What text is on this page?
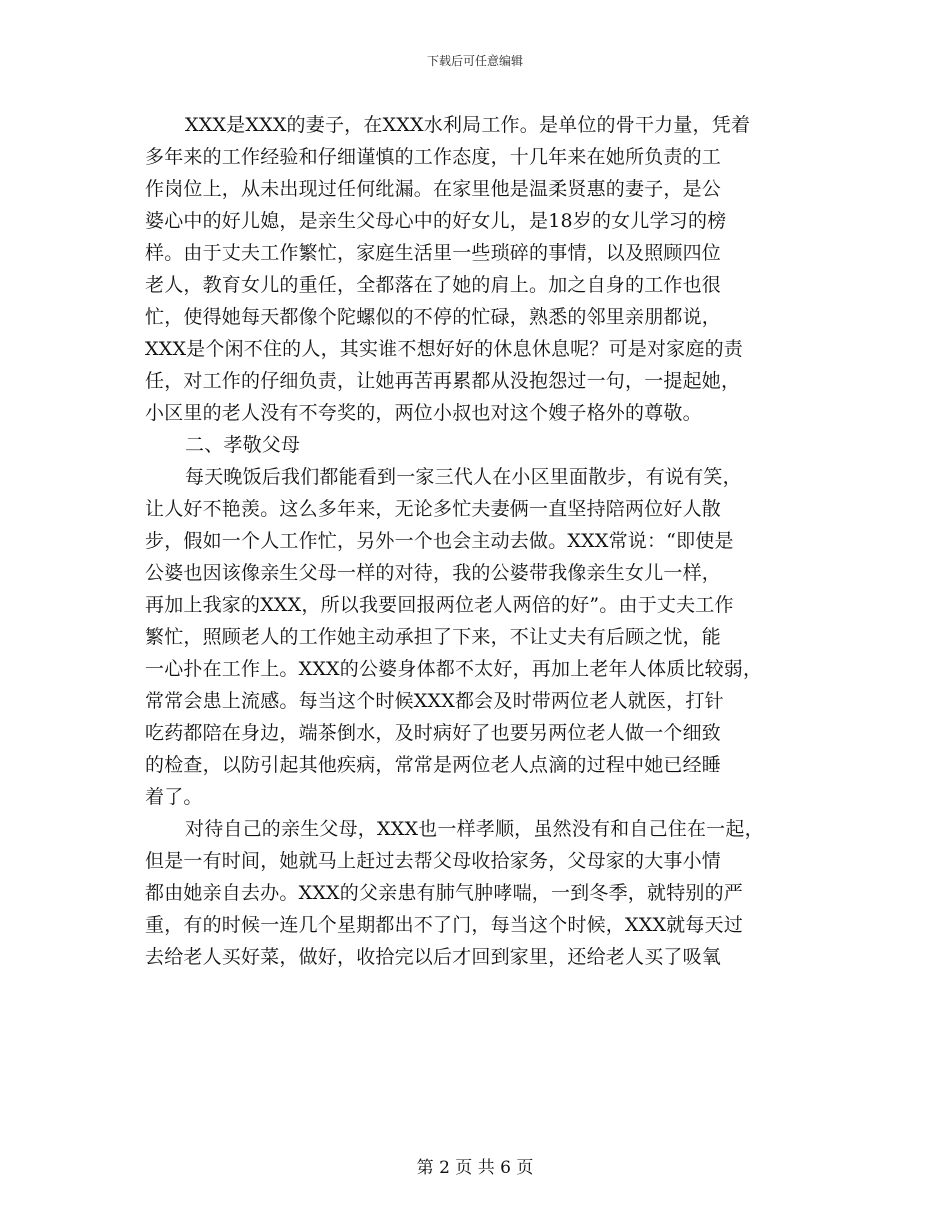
下载后可任意编辑
XXX是XXX的妻子，在XXX水利局工作。是单位的骨干力量，凭着
多年来的工作经验和仔细谨慎的工作态度，十几年来在她所负责的工
作岗位上，从未出现过任何纰漏。在家里他是温柔贤惠的妻子，是公
婆心中的好儿媳，是亲生父母心中的好女儿，是18岁的女儿学习的榜
样。由于丈夫工作繁忙，家庭生活里一些琐碎的事情，以及照顾四位
老人，教育女儿的重任，全都落在了她的肩上。加之自身的工作也很
忙，使得她每天都像个陀螺似的不停的忙碌，熟悉的邻里亲朋都说，
XXX是个闲不住的人，其实谁不想好好的休息休息呢？可是对家庭的责
任，对工作的仔细负责，让她再苦再累都从没抱怨过一句，一提起她，
小区里的老人没有不夸奖的，两位小叔也对这个嫂子格外的尊敬。
二、孝敬父母
每天晚饭后我们都能看到一家三代人在小区里面散步，有说有笑，
让人好不艳羡。这么多年来，无论多忙夫妻俩一直坚持陪两位好人散
步，假如一个人工作忙，另外一个也会主动去做。XXX常说：“即使是
公婆也因该像亲生父母一样的对待，我的公婆带我像亲生女儿一样，
再加上我家的XXX，所以我要回报两位老人两倍的好”。由于丈夫工作
繁忙，照顾老人的工作她主动承担了下来，不让丈夫有后顾之忧，能
一心扑在工作上。XXX的公婆身体都不太好，再加上老年人体质比较弱，
常常会患上流感。每当这个时候XXX都会及时带两位老人就医，打针
吃药都陪在身边，端茶倒水，及时病好了也要另两位老人做一个细致
的检查，以防引起其他疾病，常常是两位老人点滴的过程中她已经睡
着了。
对待自己的亲生父母，XXX也一样孝顺，虽然没有和自己住在一起，
但是一有时间，她就马上赶过去帮父母收拾家务，父母家的大事小情
都由她亲自去办。XXX的父亲患有肺气肿哮喘，一到冬季，就特别的严
重，有的时候一连几个星期都出不了门，每当这个时候，XXX就每天过
去给老人买好菜，做好，收拾完以后才回到家里，还给老人买了吸氧
第 2 页 共 6 页
